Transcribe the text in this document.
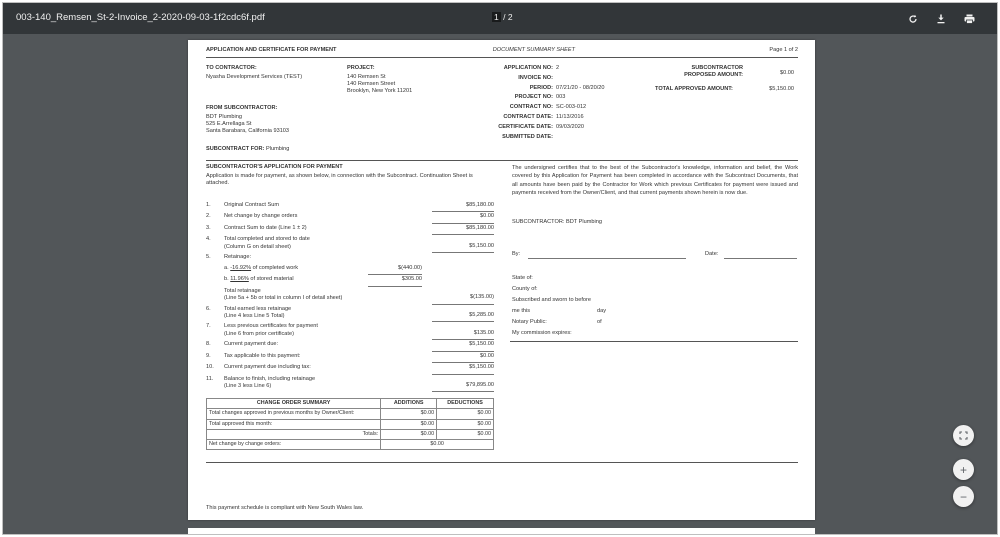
003-140_Remsen_St-2-Invoice_2-2020-09-03-1f2cdc6f.pdf	1 / 2
APPLICATION AND CERTIFICATE FOR PAYMENT	DOCUMENT SUMMARY SHEET	Page 1 of 2
TO CONTRACTOR:
Nyasha Development Services (TEST)
PROJECT:
140 Remsen St
140 Remsen Street
Brooklyn, New York 11201
FROM SUBCONTRACTOR:
BDT Plumbing
525 E.Arrellaga St
Santa Barabara, California 93103
SUBCONTRACT FOR: Plumbing
APPLICATION NO: 2
INVOICE NO:
PERIOD: 07/21/20 - 08/20/20
PROJECT NO: 003
CONTRACT NO: SC-003-012
CONTRACT DATE: 11/13/2016
CERTIFICATE DATE: 09/03/2020
SUBMITTED DATE:
SUBCONTRACTOR
PROPOSED AMOUNT:	$0.00
TOTAL APPROVED AMOUNT:	$5,150.00
SUBCONTRACTOR'S APPLICATION FOR PAYMENT
Application is made for payment, as shown below, in connection with the Subcontract. Continuation Sheet is attached.
1.	Original Contract Sum	$85,180.00
2.	Net change by change orders	$0.00
3.	Contract Sum to date (Line 1 ± 2)	$85,180.00
4.	Total completed and stored to date
(Column G on detail sheet)	$5,150.00
5.	Retainage:
a. -16.92% of completed work	$(440.00)
b. 11.96% of stored material	$305.00
Total retainage
(Line 5a + 5b or total in column I of detail sheet)	$(135.00)
6.	Total earned less retainage
(Line 4 less Line 5 Total)	$5,285.00
7.	Less previous certificates for payment
(Line 6 from prior certificate)	$135.00
8.	Current payment due:	$5,150.00
9.	Tax applicable to this payment:	$0.00
10.	Current payment due including tax:	$5,150.00
11.	Balance to finish, including retainage
(Line 3 less Line 6)	$79,895.00
CHANGE ORDER SUMMARY	ADDITIONS	DEDUCTIONS
Total changes approved in previous months by Owner/Client:	$0.00	$0.00
Total approved this month:	$0.00	$0.00
Totals:	$0.00	$0.00
Net change by change orders:	$0.00	
The undersigned certifies that to the best of the Subcontractor's knowledge, information and belief, the Work covered by this Application for Payment has been completed in accordance with the Subcontract Documents, that all amounts have been paid by the Contractor for Work which previous Certificates for payment were issued and payments received from the Owner/Client, and that current payments shown herein is now due.
SUBCONTRACTOR: BDT Plumbing
By:	Date:
State of:
County of:
Subscribed and sworn to before
me this	day of
Notary Public:
My commission expires:
This payment schedule is compliant with New South Wales law.
+
−
